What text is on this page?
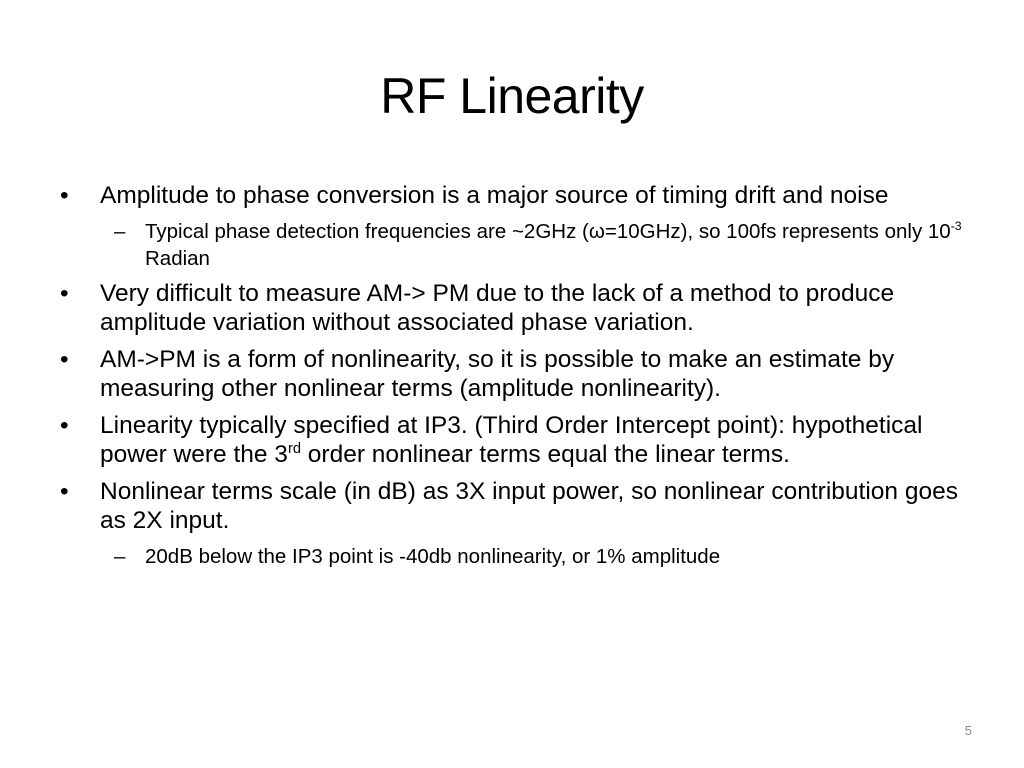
RF Linearity
• Amplitude to phase conversion is a major source of timing drift and noise
– Typical phase detection frequencies are ~2GHz (ω=10GHz), so 100fs represents only $10^{-3}$ Radian
• Very difficult to measure AM-> PM due to the lack of a method to produce amplitude variation without associated phase variation.
• AM->PM is a form of nonlinearity, so it is possible to make an estimate by measuring other nonlinear terms (amplitude nonlinearity).
• Linearity typically specified at IP3. (Third Order Intercept point): hypothetical power were the 3rd order nonlinear terms equal the linear terms.
• Nonlinear terms scale (in dB) as 3X input power, so nonlinear contribution goes as 2X input.
– 20dB below the IP3 point is -40db nonlinearity, or 1% amplitude
5
